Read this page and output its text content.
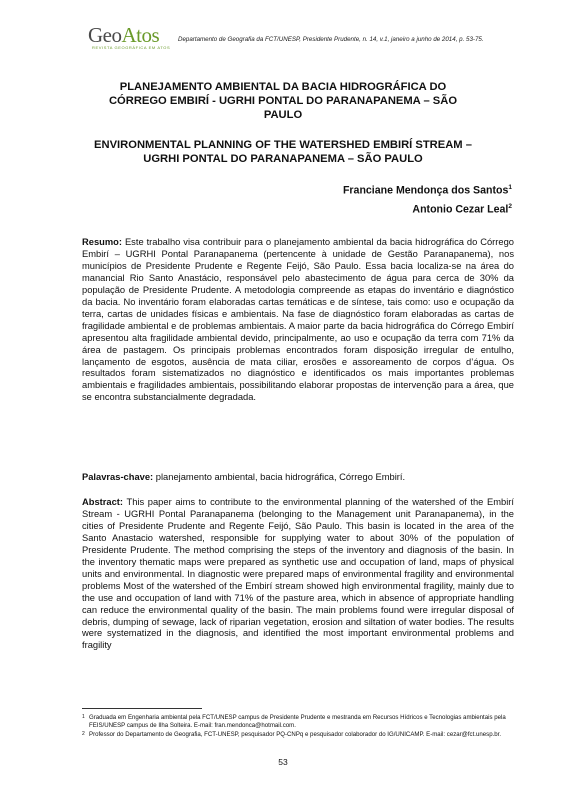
GeoAtos
REVISTA GEOGRÁFICA EM ATOS
Departamento de Geografia da FCT/UNESP, Presidente Prudente, n. 14, v.1, janeiro a junho de 2014, p. 53-75.
PLANEJAMENTO AMBIENTAL DA BACIA HIDROGRÁFICA DO CÓRREGO EMBIRÍ - UGRHI PONTAL DO PARANAPANEMA – SÃO PAULO
ENVIRONMENTAL PLANNING OF THE WATERSHED EMBIRÍ STREAM – UGRHI PONTAL DO PARANAPANEMA – SÃO PAULO
Franciane Mendonça dos Santos$^1$
Antonio Cezar Leal$^2$
Resumo: Este trabalho visa contribuir para o planejamento ambiental da bacia hidrográfica do Córrego Embirí – UGRHI Pontal Paranapanema (pertencente à unidade de Gestão Paranapanema), nos municípios de Presidente Prudente e Regente Feijó, São Paulo. Essa bacia localiza-se na área do manancial Rio Santo Anastácio, responsável pelo abastecimento de água para cerca de 30% da população de Presidente Prudente. A metodologia compreende as etapas do inventário e diagnóstico da bacia. No inventário foram elaboradas cartas temáticas e de síntese, tais como: uso e ocupação da terra, cartas de unidades físicas e ambientais. Na fase de diagnóstico foram elaboradas as cartas de fragilidade ambiental e de problemas ambientais. A maior parte da bacia hidrográfica do Córrego Embirí apresentou alta fragilidade ambiental devido, principalmente, ao uso e ocupação da terra com 71% da área de pastagem. Os principais problemas encontrados foram disposição irregular de entulho, lançamento de esgotos, ausência de mata ciliar, erosões e assoreamento de corpos d’água. Os resultados foram sistematizados no diagnóstico e identificados os mais importantes problemas ambientais e fragilidades ambientais, possibilitando elaborar propostas de intervenção para a área, que se encontra substancialmente degradada.
Palavras-chave: planejamento ambiental, bacia hidrográfica, Córrego Embirí.
Abstract: This paper aims to contribute to the environmental planning of the watershed of the Embirí Stream - UGRHI Pontal Paranapanema (belonging to the Management unit Paranapanema), in the cities of Presidente Prudente and Regente Feijó, São Paulo. This basin is located in the area of the Santo Anastacio watershed, responsible for supplying water to about 30% of the population of Presidente Prudente. The method comprising the steps of the inventory and diagnosis of the basin. In the inventory thematic maps were prepared as synthetic use and occupation of land, maps of physical units and environmental. In diagnostic were prepared maps of environmental fragility and environmental problems Most of the watershed of the Embirí stream showed high environmental fragility, mainly due to the use and occupation of land with 71% of the pasture area, which in absence of appropriate handling can reduce the environmental quality of the basin. The main problems found were irregular disposal of debris, dumping of sewage, lack of riparian vegetation, erosion and siltation of water bodies. The results were systematized in the diagnosis, and identified the most important environmental problems and fragility
1 Graduada em Engenharia ambiental pela FCT/UNESP campus de Presidente Prudente e mestranda em Recursos Hídricos e Tecnologias ambientais pela FEIS/UNESP campus de Ilha Solteira. E-mail: fran.mendonca@hotmail.com.
2 Professor do Departamento de Geografia, FCT-UNESP, pesquisador PQ-CNPq e pesquisador colaborador do IG/UNICAMP. E-mail: cezar@fct.unesp.br.
53
